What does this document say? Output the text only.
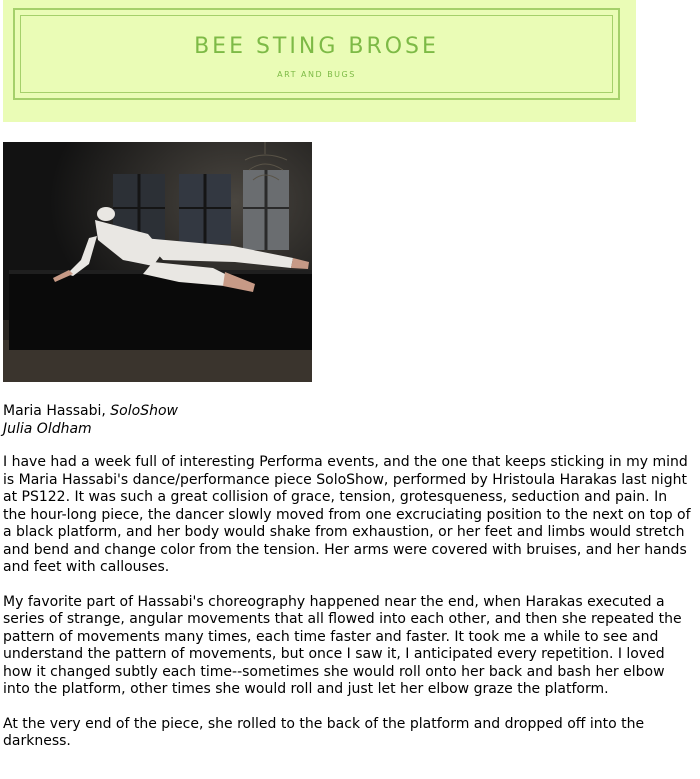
BEE STING BROSE
ART AND BUGS
Maria Hassabi, SoloShow
Julia Oldham

I have had a week full of interesting Performa events, and the one that keeps sticking in my mind is Maria Hassabi's dance/performance piece SoloShow, performed by Hristoula Harakas last night at PS122. It was such a great collision of grace, tension, grotesqueness, seduction and pain. In the hour-long piece, the dancer slowly moved from one excruciating position to the next on top of a black platform, and her body would shake from exhaustion, or her feet and limbs would stretch and bend and change color from the tension. Her arms were covered with bruises, and her hands and feet with callouses.

My favorite part of Hassabi's choreography happened near the end, when Harakas executed a series of strange, angular movements that all flowed into each other, and then she repeated the pattern of movements many times, each time faster and faster. It took me a while to see and understand the pattern of movements, but once I saw it, I anticipated every repetition. I loved how it changed subtly each time--sometimes she would roll onto her back and bash her elbow into the platform, other times she would roll and just let her elbow graze the platform.

At the very end of the piece, she rolled to the back of the platform and dropped off into the darkness.
